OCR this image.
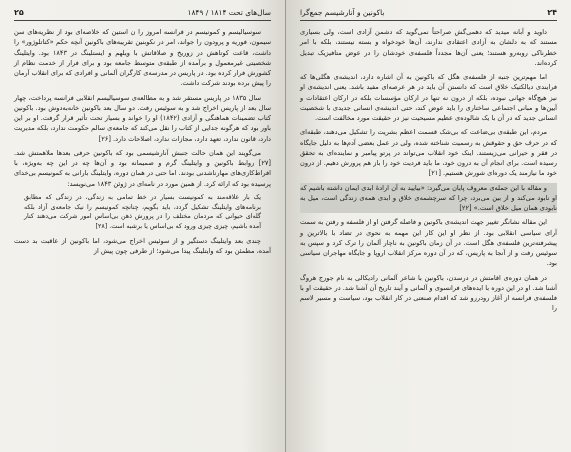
سال‌های تحت ۱۸۱۴ / ۱۸۴۹
۲۵

سوسیالیسم و کمونیسم در فرانسه امروز را ن استین که خلاصه‌ای بود از نظریه‌های سن سیمون، فوریه و پرودون را جواند، امر در نکوبنین تقریبه‌های باکونین آنچه حکم «کتاتلوژور» را داشت، قاعت کوتاهش در زوریخ و صلاقاتش با ویلهم و ایستلینگ در ۱۸۴۳ بود. وایتلینگ شخصیتی غیرمعمول و برآمده از طبقه‌ی متوسط جامعه بود و برای فرار از خدمت نظام از کشورش فرار کرده بود. در پاریس در مدرسه‌ی کارگران آلمانی و افرادی که برای انقلاب آرمان را پیش برده بودند شرکت داشت.

سال ۱۸۳۵ در پاریس مستقر شد و به مطالعه‌ی سوسیالیسم انقلابی فرانسه پرداخت، چهار سال بعد از پاریس اخراج شد و به سوئیس رفت. دو سال بعد باکونین خانه‌به‌دوش بود. باکونین کتاب تضمینات هماهنگی و آزادی (۱۸۴۲) او را خواند و بسیار تحت تأثیر قرار گرفت. او بر این باور بود که هرگونه جدایی از کتاب را نقل می‌کند که جامعه‌ی سالم حکومت ندارد، بلکه مدیریت دارد، قانون ندارد، تعهد دارد، مجازات ندارد، اصلاحات دارد. [۲۶]

می‌گویند این همان حالت جنبش آنارشیسمی بود که باکونین حرفی بعدها ملاهمتش شد. [۲۷] روابط باکونین و وایتلینگ گرم و صمیمانه بود و آن‌ها چه در این چه به‌ویژه، با افراط‌کاری‌های مهارناشدنی بودند. اما حتی در همان دوره، وایتلینگ بارانی به کمونیسم بی‌خدای پرسیده بود که ارائه کرد. از همین مورد در نامه‌ای در ژوئن ۱۸۴۳ می‌نویسد:

یک بار علاقه‌مند به کمونیست بسیار در خط تمامی به زندگی، در زندگی که مطابق برنامه‌های وایتلینگ تشکیل گردد، باید بگویم، چنانچه کمونیسم را نیک جامعه‌ی آزاد بلکه گله‌ای حیوانی که مردمان مختلف را در پرورش ذهن بی‌اساس امور شرکت می‌دهند کنار آمده باشیم، چیزی چیزی ورود که بی‌اساس یا برشبه است. [۲۸]

چندی بعد وایتلینگ دستگیر و از سوئیس اخراج می‌شود، اما باکونین از عاقبت بد دست آمده، مطمئن بود که وایتلینگ پیدا می‌شود؛ از طرفی چون پیش از

۲۴
باکونین و آنارشیسم جمع‌گرا

داوید و آبانه میدید که دهمی‌گش صراحتاً نمی‌گوید که دشمن آزادی است، ولی بسیاری مستند که به دلشان به آزادی اعتقادی ندارند، آن‌ها خودخواه و بسته نیستند، بلکه با امر خطرناکی روبه‌رو هستند؛ یعنی آن‌ها مجدداً فلسفه‌ی خودشان را در عوض متافیزیک تبدیل کرده‌اند.

اما مهم‌ترین جنبه از فلسفه‌ی هگل که باکونین به آن اشاره دارد، اندیشه‌ی هگلی‌ها که فرایندی دیالکتیک خلاق است که دانستن آن باید در هر عرصه‌ای مفید باشد. یعنی اندیشه‌ی او نیز هیچ‌گاه جهانی نبوده، بلکه از درون نه تنها در ارکان مؤسسات بلکه در ارکان اعتقادات و آیین‌ها و مبانی اجتماعی ساختاری را باید عوض کند، حتی اندیشه‌ی انسانی جدیدی با شخصیت انسانی جدید که در آن با یک شالوده‌ی عظیم مسیحیت نیز در حقیقت مورد مخالفت است.

مردم، این طبقه‌ی بی‌ضاعت که بی‌شک قسمت اعظم بشریت را تشکیل می‌دهند، طبقه‌ای که در حرف حق و حقوقش به رسمیت شناخته شده، ولی در عمل بعضی آدم‌ها به دلیل جایگاه در فقر و حیرانی می‌زیستند. اینک خود انقلاب می‌تواند در پرتو پیامبر و نماینده‌ای به تحقق رسیده است. برای انجام آن به درون خود، ما باید فردیت خود را باز هم پرورش دهیم. از درون خود ما نیازمند یک دوره‌ای شورش هستیم. [۲۱]

و مقاله با این جمله‌ی معروف پایان می‌گیرد: «بیایید به آن ارادهٔ ابدی ایمان داشته باشیم که او نابود می‌کند و از بین می‌برد، چرا که سرچشمه‌ی خلاق و ابدی همه‌ی زندگی است، میل به نابودی همان میل خلاق است.» [۲۲]

این مقاله نشانگر تغییر جهت اندیشه‌ی باکونین و فاصله گرفتن او از فلسفه و رفتن به سمت آرای سیاسی انقلابی بود. از نظر او این کار این مهمه به نحوی در تضاد با بالاترین و پیشرفته‌ترین فلسفه‌ی هگل است. در آن زمان باکونین به ناچار آلمان را ترک کرد و سپس به سوئیس رفت و از آنجا به پاریس، که در آن دوره مرکز انقلاب اروپا و جایگاه مهاجران سیاسی بود.

در همان دوره‌ی اقامتش در درسدن، باکونین با شاعر آلمانی رادیکالی به نام جورج هروگ آشنا شد. او در این دوره با ایده‌های فرانسوی و آلمانی و آیند تاریخ آن آشنا شد. در حقیقت او با فلسفه‌ی فرانسه از آغاز رودررو شد که اقدام صنعتی در کار انقلاب بود، سیاست و مسیر لاسم را
